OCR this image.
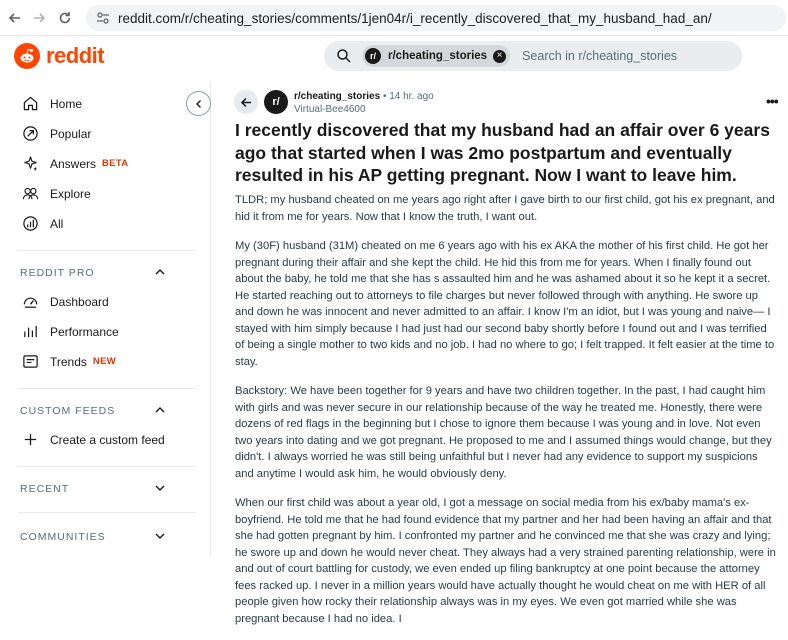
reddit.com/r/cheating_stories/comments/1jen04r/i_recently_discovered_that_my_husband_had_an/
reddit	r/	r/cheating_stories × Search in r/cheating_stories
Home
Popular
Answers BETA
Explore
All
REDDIT PRO
Dashboard
Performance
Trends NEW
CUSTOM FEEDS
Create a custom feed
RECENT
COMMUNITIES
r/	r/cheating_stories • 14 hr. ago
Virtual-Bee4600
•••
I recently discovered that my husband had an affair over 6 years ago that started when I was 2mo postpartum and eventually resulted in his AP getting pregnant. Now I want to leave him.

TLDR; my husband cheated on me years ago right after I gave birth to our first child, got his ex pregnant, and hid it from me for years. Now that I know the truth, I want out.

My (30F) husband (31M) cheated on me 6 years ago with his ex AKA the mother of his first child. He got her pregnant during their affair and she kept the child. He hid this from me for years. When I finally found out about the baby, he told me that she has s assaulted him and he was ashamed about it so he kept it a secret. He started reaching out to attorneys to file charges but never followed through with anything. He swore up and down he was innocent and never admitted to an affair. I know I'm an idiot, but I was young and naive— I stayed with him simply because I had just had our second baby shortly before I found out and I was terrified of being a single mother to two kids and no job. I had no where to go; I felt trapped. It felt easier at the time to stay.

Backstory: We have been together for 9 years and have two children together. In the past, I had caught him with girls and was never secure in our relationship because of the way he treated me. Honestly, there were dozens of red flags in the beginning but I chose to ignore them because I was young and in love. Not even two years into dating and we got pregnant. He proposed to me and I assumed things would change, but they didn't. I always worried he was still being unfaithful but I never had any evidence to support my suspicions and anytime I would ask him, he would obviously deny.

When our first child was about a year old, I got a message on social media from his ex/baby mama's ex-boyfriend. He told me that he had found evidence that my partner and her had been having an affair and that she had gotten pregnant by him. I confronted my partner and he convinced me that she was crazy and lying; he swore up and down he would never cheat. They always had a very strained parenting relationship, were in and out of court battling for custody, we even ended up filing bankruptcy at one point because the attorney fees racked up. I never in a million years would have actually thought he would cheat on me with HER of all people given how rocky their relationship always was in my eyes. We even got married while she was pregnant because I had no idea. I
